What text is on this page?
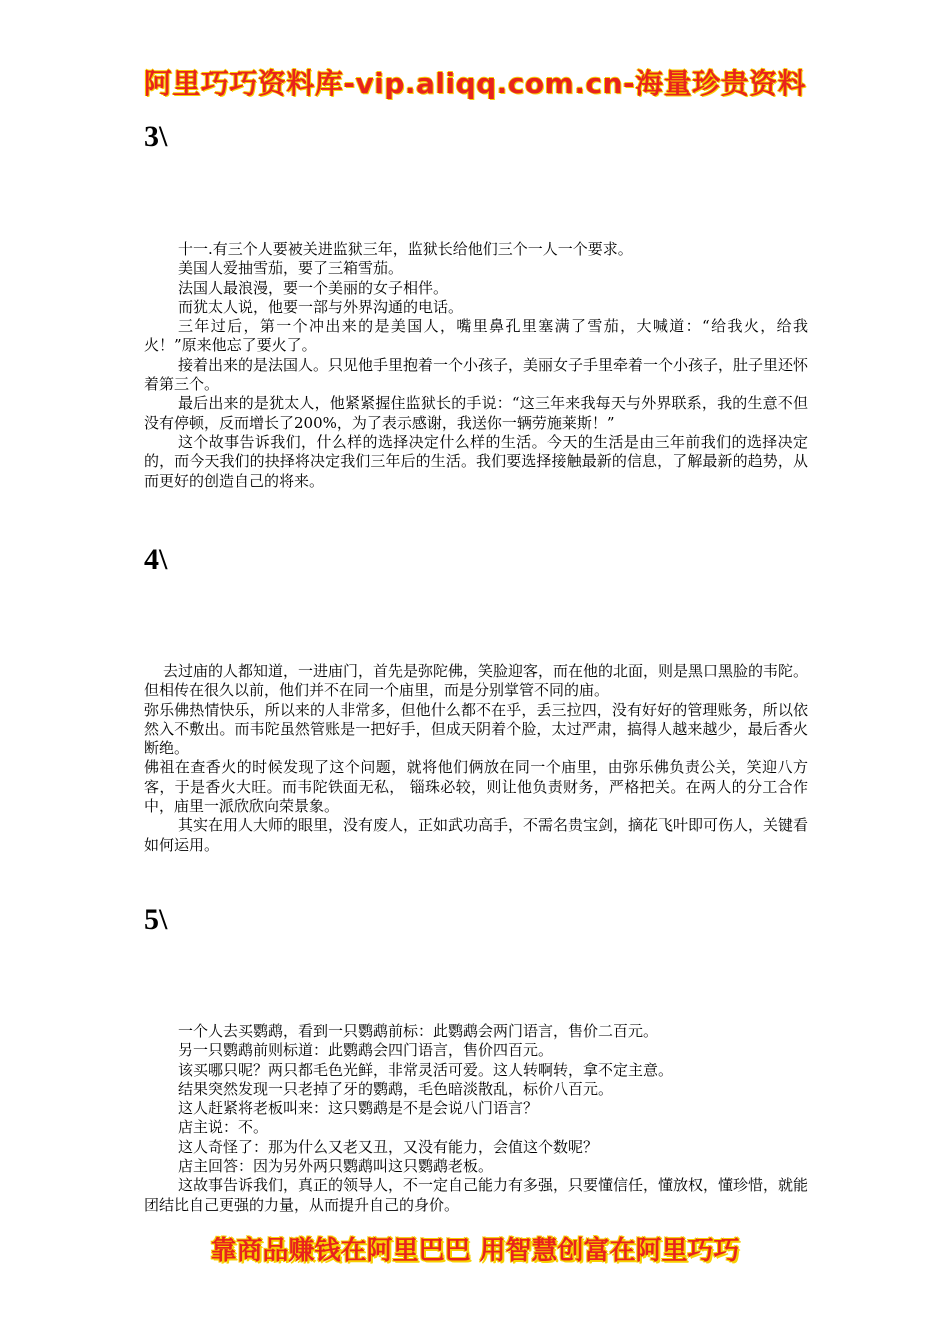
阿里巧巧资料库-vip.aliqq.com.cn-海量珍贵资料
3\

十一.有三个人要被关进监狱三年，监狱长给他们三个一人一个要求。

美国人爱抽雪茄，要了三箱雪茄。

法国人最浪漫，要一个美丽的女子相伴。

而犹太人说，他要一部与外界沟通的电话。

三年过后，第一个冲出来的是美国人，嘴里鼻孔里塞满了雪茄，大喊道：“给我火，给我火！”原来他忘了要火了。

接着出来的是法国人。只见他手里抱着一个小孩子，美丽女子手里牵着一个小孩子，肚子里还怀着第三个。

最后出来的是犹太人，他紧紧握住监狱长的手说：“这三年来我每天与外界联系，我的生意不但没有停顿，反而增长了200%，为了表示感谢，我送你一辆劳施莱斯！”

这个故事告诉我们，什么样的选择决定什么样的生活。今天的生活是由三年前我们的选择决定的，而今天我们的抉择将决定我们三年后的生活。我们要选择接触最新的信息，了解最新的趋势，从而更好的创造自己的将来。

4\

去过庙的人都知道，一进庙门，首先是弥陀佛，笑脸迎客，而在他的北面，则是黑口黑脸的韦陀。但相传在很久以前，他们并不在同一个庙里，而是分别掌管不同的庙。

弥乐佛热情快乐，所以来的人非常多，但他什么都不在乎，丢三拉四，没有好好的管理账务，所以依然入不敷出。而韦陀虽然管账是一把好手，但成天阴着个脸，太过严肃，搞得人越来越少，最后香火断绝。

佛祖在查香火的时候发现了这个问题，就将他们俩放在同一个庙里，由弥乐佛负责公关，笑迎八方客，于是香火大旺。而韦陀铁面无私， 锱珠必较，则让他负责财务，严格把关。在两人的分工合作中，庙里一派欣欣向荣景象。

其实在用人大师的眼里，没有废人，正如武功高手，不需名贵宝剑，摘花飞叶即可伤人，关键看如何运用。

5\

一个人去买鹦鹉，看到一只鹦鹉前标：此鹦鹉会两门语言，售价二百元。

另一只鹦鹉前则标道：此鹦鹉会四门语言，售价四百元。

该买哪只呢？两只都毛色光鲜，非常灵活可爱。这人转啊转，拿不定主意。

结果突然发现一只老掉了牙的鹦鹉，毛色暗淡散乱，标价八百元。

这人赶紧将老板叫来：这只鹦鹉是不是会说八门语言？

店主说：不。

这人奇怪了：那为什么又老又丑，又没有能力，会值这个数呢？

店主回答：因为另外两只鹦鹉叫这只鹦鹉老板。

这故事告诉我们，真正的领导人，不一定自己能力有多强，只要懂信任，懂放权，懂珍惜，就能团结比自己更强的力量，从而提升自己的身价。

靠商品赚钱在阿里巴巴 用智慧创富在阿里巧巧
